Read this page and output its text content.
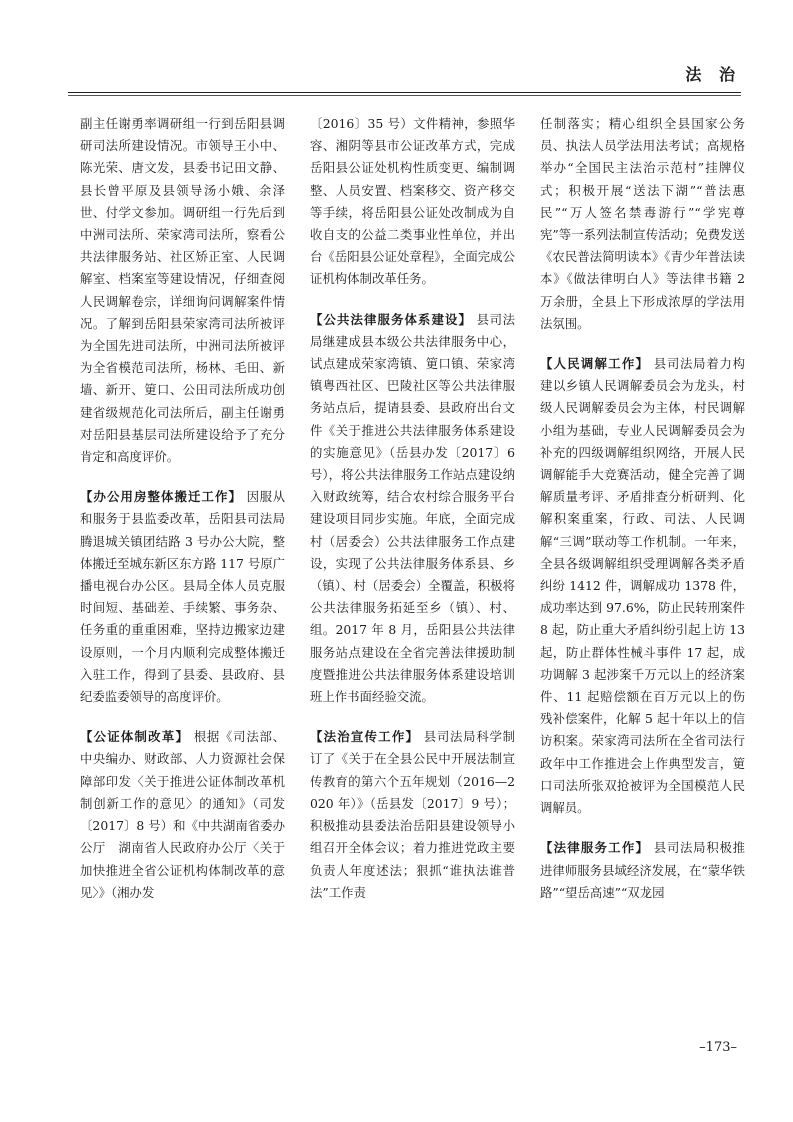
法 治

副主任谢勇率调研组一行到岳阳县调研司法所建设情况。市领导王小中、陈光荣、唐文发，县委书记田文静、县长曾平原及县领导汤小娥、余泽世、付学文参加。调研组一行先后到中洲司法所、荣家湾司法所，察看公共法律服务站、社区矫正室、人民调解室、档案室等建设情况，仔细查阅人民调解卷宗，详细询问调解案件情况。了解到岳阳县荣家湾司法所被评为全国先进司法所，中洲司法所被评为全省模范司法所，杨林、毛田、新墙、新开、筻口、公田司法所成功创建省级规范化司法所后，副主任谢勇对岳阳县基层司法所建设给予了充分肯定和高度评价。

【办公用房整体搬迁工作】 因服从和服务于县监委改革，岳阳县司法局腾退城关镇团结路 3 号办公大院，整体搬迁至城东新区东方路 117 号原广播电视台办公区。县局全体人员克服时间短、基础差、手续繁、事务杂、任务重的重重困难，坚持边搬家边建设原则，一个月内顺利完成整体搬迁入驻工作，得到了县委、县政府、县纪委监委领导的高度评价。

【公证体制改革】 根据《司法部、中央编办、财政部、人力资源社会保障部印发〈关于推进公证体制改革机制创新工作的意见〉的通知》（司发〔2017〕8 号）和《中共湖南省委办公厅　湖南省人民政府办公厅〈关于加快推进全省公证机构体制改革的意见〉》（湘办发

〔2016〕35 号）文件精神，参照华容、湘阴等县市公证改革方式，完成岳阳县公证处机构性质变更、编制调整、人员安置、档案移交、资产移交等手续，将岳阳县公证处改制成为自收自支的公益二类事业性单位，并出台《岳阳县公证处章程》，全面完成公证机构体制改革任务。

【公共法律服务体系建设】 县司法局继建成县本级公共法律服务中心，试点建成荣家湾镇、筻口镇、荣家湾镇粤西社区、巴陵社区等公共法律服务站点后，提请县委、县政府出台文件《关于推进公共法律服务体系建设的实施意见》（岳县办发〔2017〕6 号），将公共法律服务工作站点建设纳入财政统筹，结合农村综合服务平台建设项目同步实施。年底，全面完成村（居委会）公共法律服务工作点建设，实现了公共法律服务体系县、乡（镇）、村（居委会）全覆盖，积极将公共法律服务拓延至乡（镇）、村、组。2017 年 8 月，岳阳县公共法律服务站点建设在全省完善法律援助制度暨推进公共法律服务体系建设培训班上作书面经验交流。

【法治宣传工作】 县司法局科学制订了《关于在全县公民中开展法制宣传教育的第六个五年规划（2016—2020 年）》（岳县发〔2017〕9 号）；积极推动县委法治岳阳县建设领导小组召开全体会议；着力推进党政主要负责人年度述法；狠抓“谁执法谁普法”工作责

任制落实；精心组织全县国家公务员、执法人员学法用法考试；高规格举办“全国民主法治示范村”挂牌仪式；积极开展“送法下湖”“普法惠民”“万人签名禁毒游行”“学宪尊宪”等一系列法制宣传活动；免费发送《农民普法简明读本》《青少年普法读本》《做法律明白人》等法律书籍 2 万余册，全县上下形成浓厚的学法用法氛围。

【人民调解工作】 县司法局着力构建以乡镇人民调解委员会为龙头，村级人民调解委员会为主体，村民调解小组为基础，专业人民调解委员会为补充的四级调解组织网络，开展人民调解能手大竞赛活动，健全完善了调解质量考评、矛盾排查分析研判、化解积案重案，行政、司法、人民调解“三调”联动等工作机制。一年来，全县各级调解组织受理调解各类矛盾纠纷 1412 件，调解成功 1378 件，成功率达到 97.6%，防止民转刑案件 8 起，防止重大矛盾纠纷引起上访 13 起，防止群体性械斗事件 17 起，成功调解 3 起涉案千万元以上的经济案件、11 起赔偿额在百万元以上的伤残补偿案件，化解 5 起十年以上的信访积案。荣家湾司法所在全省司法行政年中工作推进会上作典型发言，筻口司法所张双抢被评为全国模范人民调解员。

【法律服务工作】 县司法局积极推进律师服务县域经济发展，在“蒙华铁路”“望岳高速”“双龙园

–173–
